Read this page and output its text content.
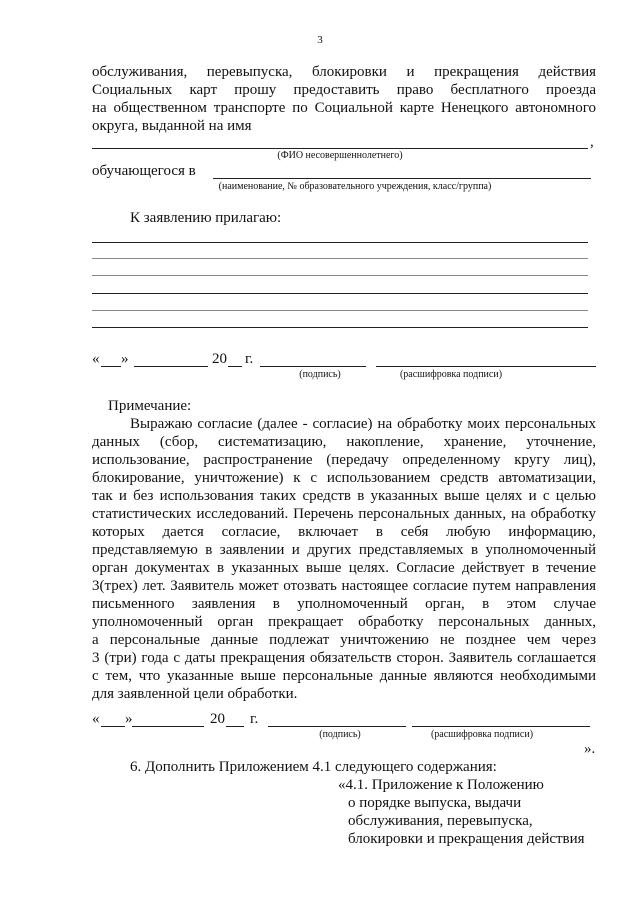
3
обслуживания, перевыпуска, блокировки и прекращения действия
Социальных карт прошу предоставить право бесплатного проезда
на общественном транспорте по Социальной карте Ненецкого автономного
округа, выданной на имя
,
(ФИО несовершеннолетнего)
обучающегося в
(наименование, № образовательного учреждения, класс/группа)
К заявлению прилагаю:
« »	20 г.
(подпись)	(расшифровка подписи)
Примечание:
Выражаю согласие (далее - согласие) на обработку моих персональных
данных (сбор, систематизацию, накопление, хранение, уточнение,
использование, распространение (передачу определенному кругу лиц),
блокирование, уничтожение) к с использованием средств автоматизации,
так и без использования таких средств в указанных выше целях и с целью
статистических исследований. Перечень персональных данных, на обработку
которых дается согласие, включает в себя любую информацию,
представляемую в заявлении и других представляемых в уполномоченный
орган документах в указанных выше целях. Согласие действует в течение
3(трех) лет. Заявитель может отозвать настоящее согласие путем направления
письменного заявления в уполномоченный орган, в этом случае
уполномоченный орган прекращает обработку персональных данных,
а персональные данные подлежат уничтожению не позднее чем через
3 (три) года с даты прекращения обязательств сторон. Заявитель соглашается
с тем, что указанные выше персональные данные являются необходимыми
для заявленной цели обработки.
« »	20 г.
(подпись)	(расшифровка подписи)
».
6. Дополнить Приложением 4.1 следующего содержания:
«4.1. Приложение к Положению
о порядке выпуска, выдачи
обслуживания, перевыпуска,
блокировки и прекращения действия
